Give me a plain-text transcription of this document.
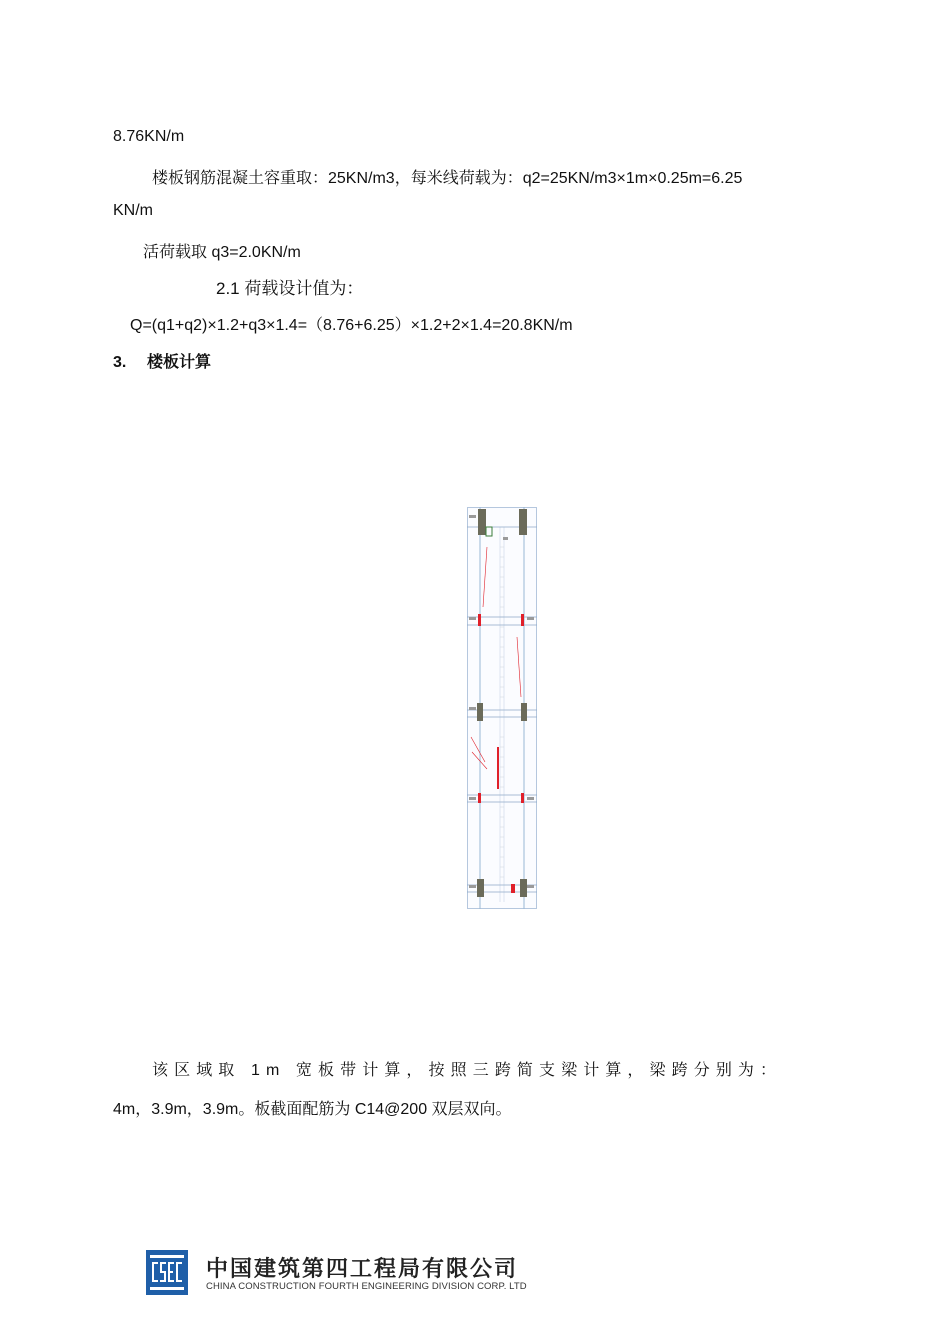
8.76KN/m
楼板钢筋混凝土容重取：25KN/m3，每米线荷载为：q2=25KN/m3×1m×0.25m=6.25
KN/m
活荷载取 q3=2.0KN/m
2.1 荷载设计值为：
Q=(q1+q2)×1.2+q3×1.4=（8.76+6.25）×1.2+2×1.4=20.8KN/m
3. 楼板计算
该区域取 1m 宽板带计算，按照三跨简支梁计算，梁跨分别为：
4m，3.9m，3.9m。板截面配筋为 C14@200 双层双向。
中国建筑第四工程局有限公司
CHINA CONSTRUCTION FOURTH ENGINEERING DIVISION CORP. LTD
